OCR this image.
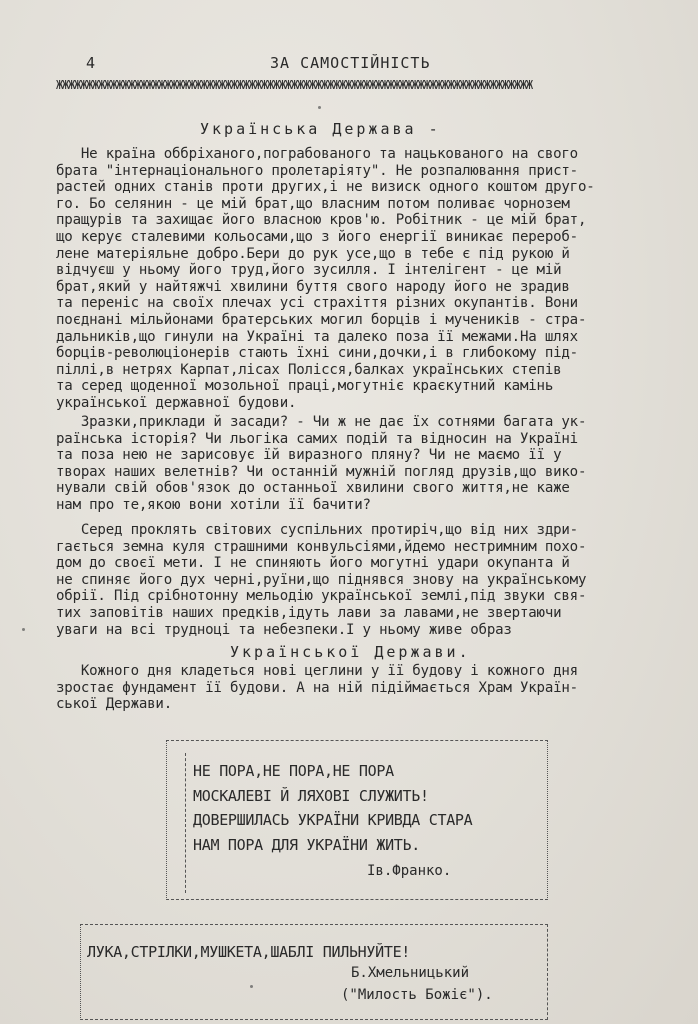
4	ЗА САМОСТІЙНІСТЬ
ЖЖЖЖЖЖЖЖЖЖЖЖЖЖЖЖЖЖЖЖЖЖЖЖЖЖЖЖЖЖЖЖЖЖЖЖЖЖЖЖЖЖЖЖЖЖЖЖЖЖЖЖЖЖЖЖЖЖЖЖЖЖЖЖЖЖЖЖЖЖЖЖЖЖЖЖЖЖЖ
Українська Держава -
Не країна оббріханого,пограбованого та нацькованого на свого
брата "інтернаціонального пролетаріяту". Не розпалювання прист-
растей одних станів проти других,і не визиск одного коштом друго-
го. Бо селянин - це мій брат,що власним потом поливає чорнозем
пращурів та захищає його власною кров'ю. Робітник - це мій брат,
що керує сталевими кольосами,що з його енергії виникає перероб-
лене матеріяльне добро.Бери до рук усе,що в тебе є під рукою й
відчуєш у ньому його труд,його зусилля. І інтелігент - це мій
брат,який у найтяжчі хвилини буття свого народу його не зрадив
та переніс на своїх плечах усі страхіття різних окупантів. Вони
поєднані мільйонами братерських могил борців і мучеників - стра-
дальників,що гинули на Україні та далеко поза її межами.На шлях
борців-революціонерів стають їхні сини,дочки,і в глибокому під-
піллі,в нетрях Карпат,лісах Полісся,балках українських степів
та серед щоденної мозольної праці,могутніє краєкутний камінь
української державної будови.
Зразки,приклади й засади? - Чи ж не дає їх сотнями багата ук-
раїнська історія? Чи льогіка самих подій та відносин на Україні
та поза нею не зарисовує їй виразного пляну? Чи не маємо її у
творах наших велетнів? Чи останній мужній погляд друзів,що вико-
нували свій обов'язок до останньої хвилини свого життя,не каже
нам про те,якою вони хотіли її бачити?
Серед проклять світових суспільних протиріч,що від них здри-
гається земна куля страшними конвульсіями,йдемо нестримним похо-
дом до своєї мети. І не спиняють його могутні удари окупанта й
не спиняє його дух черні,руїни,що піднявся знову на українському
обрії. Під срібнотонну мельодію української землі,під звуки свя-
тих заповітів наших предків,ідуть лави за лавами,не звертаючи
уваги на всі трудноці та небезпеки.І у ньому живе образ
Української Держави.
Кожного дня кладеться нові цеглини у її будову і кожного дня
зростає фундамент її будови. А на ній підіймається Храм Україн-
ської Держави.
НЕ ПОРА,НЕ ПОРА,НЕ ПОРА
МОСКАЛЕВІ Й ЛЯХОВІ СЛУЖИТЬ!
ДОВЕРШИЛАСЬ УКРАЇНИ КРИВДА СТАРА
НАМ ПОРА ДЛЯ УКРАЇНИ ЖИТЬ.
Ів.Франко.
ЛУКА,СТРІЛКИ,МУШКЕТА,ШАБЛІ ПИЛЬНУЙТЕ!
Б.Хмельницький
("Милость Божіє").
